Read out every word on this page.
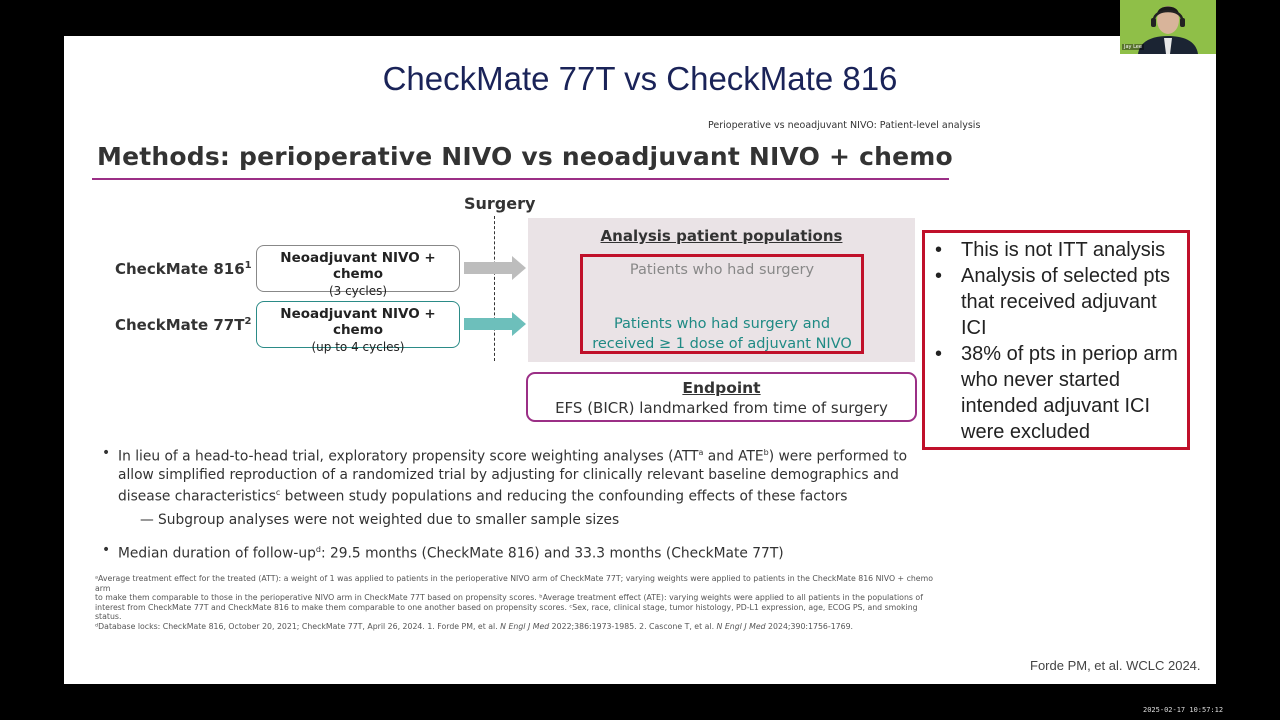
CheckMate 77T vs CheckMate 816
Perioperative vs neoadjuvant NIVO: Patient-level analysis
Methods: perioperative NIVO vs neoadjuvant NIVO + chemo
Surgery
CheckMate $816^1$	Neoadjuvant NIVO + chemo
(3 cycles)
CheckMate $77T^2$	Neoadjuvant NIVO + chemo
(up to 4 cycles)
Analysis patient populations
Patients who had surgery
Patients who had surgery and
received ≥ 1 dose of adjuvant NIVO
Endpoint
EFS (BICR) landmarked from time of surgery
• This is not ITT analysis
• Analysis of selected pts that received adjuvant ICI
• 38% of pts in periop arm who never started intended adjuvant ICI were excluded
• In lieu of a head-to-head trial, exploratory propensity score weighting analyses (ATT$^a$ and ATE$^b$) were performed to allow simplified reproduction of a randomized trial by adjusting for clinically relevant baseline demographics and disease characteristics$^c$ between study populations and reducing the confounding effects of these factors
— Subgroup analyses were not weighted due to smaller sample sizes
• Median duration of follow-$up^d$: 29.5 months (CheckMate 816) and 33.3 months (CheckMate 77T)
ᵃAverage treatment effect for the treated (ATT): a weight of 1 was applied to patients in the perioperative NIVO arm of CheckMate 77T; varying weights were applied to patients in the CheckMate 816 NIVO + chemo arm
to make them comparable to those in the perioperative NIVO arm in CheckMate 77T based on propensity scores. ᵇAverage treatment effect (ATE): varying weights were applied to all patients in the populations of
interest from CheckMate 77T and CheckMate 816 to make them comparable to one another based on propensity scores. ᶜSex, race, clinical stage, tumor histology, PD-L1 expression, age, ECOG PS, and smoking status.
ᵈDatabase locks: CheckMate 816, October 20, 2021; CheckMate 77T, April 26, 2024. 1. Forde PM, et al. N Engl J Med 2022;386:1973-1985. 2. Cascone T, et al. N Engl J Med 2024;390:1756-1769.
Forde PM, et al. WCLC 2024.
Jay Lee
2025-02-17 10:57:12
